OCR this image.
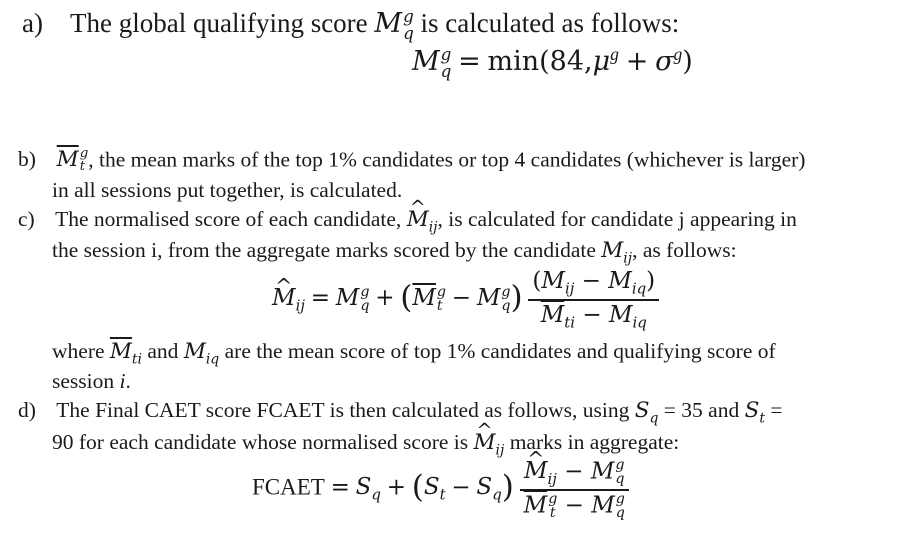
a) The global qualifying score M g
q is calculated as follows:
M g
$q = \min(84,\mu^g + \sigma^g)$
b) $\overline{M}$ g
t , the mean marks of the top 1% candidates or top 4 candidates (whichever is larger)
in all sessions put together, is calculated.
c) The normalised score of each candidate, ^ $M_{ij}$, is calculated for candidate j appearing in
the session i, from the aggregate marks scored by the candidate $M_{ij}$, as follows:
^ $M_{ij} = M$ g
$q + (\overline{M}$ g
t − M g
q ) $\frac{(M_{ij} - M_{iq})}{\overline{M}_{ti} - M_{iq}}$
where $\overline{M}_{ti}$ and $M_{iq}$ are the mean score of top 1% candidates and qualifying score of
session i.
d) The Final CAET score FCAET is then calculated as follows, using $S_q = 35$ and $S_t$ =
90 for each candidate whose normalised score is ^ $M_{ij}$ marks in aggregate:
FCAET = $S_q + (S_t - S_q)$ ^ $M_{ij} - M$ g
q
$\overline{M}$ g
t − M g
q
